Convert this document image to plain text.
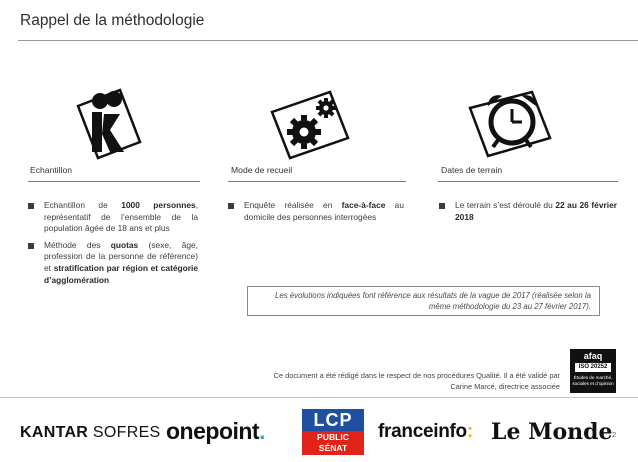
Rappel de la méthodologie
Echantillon	Mode de recueil	Dates de terrain
Echantillon de 1000 personnes, représentatif de l’ensemble de la population âgée de 18 ans et plus
Méthode des quotas (sexe, âge, profession de la personne de référence) et stratification par région et catégorie d’agglomération
Enquête réalisée en face-à-face au domicile des personnes interrogées
Le terrain s’est déroulé du 22 au 26 février 2018
Les évolutions indiquées font référence aux résultats de la vague de 2017 (réalisée selon la même méthodologie du 23 au 27 février 2017).
Ce document a été rédigé dans le respect de nos procédures Qualité. Il a été validé par
Carine Marcé, directrice associée
afaq
ISO 20252
Études de marché, sociales et d’opinion
KANTAR SOFRES onepoint.	LCP
PUBLIC
SÉNAT
franceinfo: Le Monde 2
